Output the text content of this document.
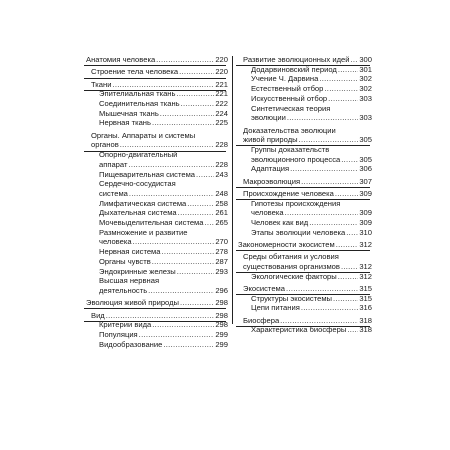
Анатомия человека .....	220
Строение тела человека .....	220
Ткани .....	221
Эпителиальная ткань .....	221
Соединительная ткань .....	222
Мышечная ткань .....	224
Нервная ткань .....	225
Органы. Аппараты и системы
органов .....	228
Опорно-двигательный
аппарат .....	228
Пищеварительная система .....	243
Сердечно-сосудистая
система .....	248
Лимфатическая система .....	258
Дыхательная система .....	261
Мочевыделительная система ..... 265
Размножение и развитие
человека .....	270
Нервная система .....	278
Органы чувств .....	287
Эндокринные железы .....	293
Высшая нервная
деятельность .....	296
Эволюция живой природы .....	298
Вид .....	298
Критерии вида .....	298
Популяция .....	299
Видообразование .....	299
Развитие эволюционных идей ..... 300
Додарвиновский период .....	301
Учение Ч. Дарвина .....	302
Естественный отбор .....	302
Искусственный отбор .....	303
Синтетическая теория
эволюции .....	303
Доказательства эволюции
живой природы .....	305
Группы доказательств
эволюционного процесса .....	305
Адаптация .....	306
Макроэволюция .....	307
Происхождение человека .....	309
Гипотезы происхождения
человека .....	309
Человек как вид .....	309
Этапы эволюции человека ..... 310
Закономерности экосистем .....	312
Среды обитания и условия
существования организмов .....	312
Экологические факторы .....	312
Экосистема .....	315
Структуры экосистемы .....	315
Цепи питания .....	316
Биосфера .....	318
Характеристика биосферы ..... 318
